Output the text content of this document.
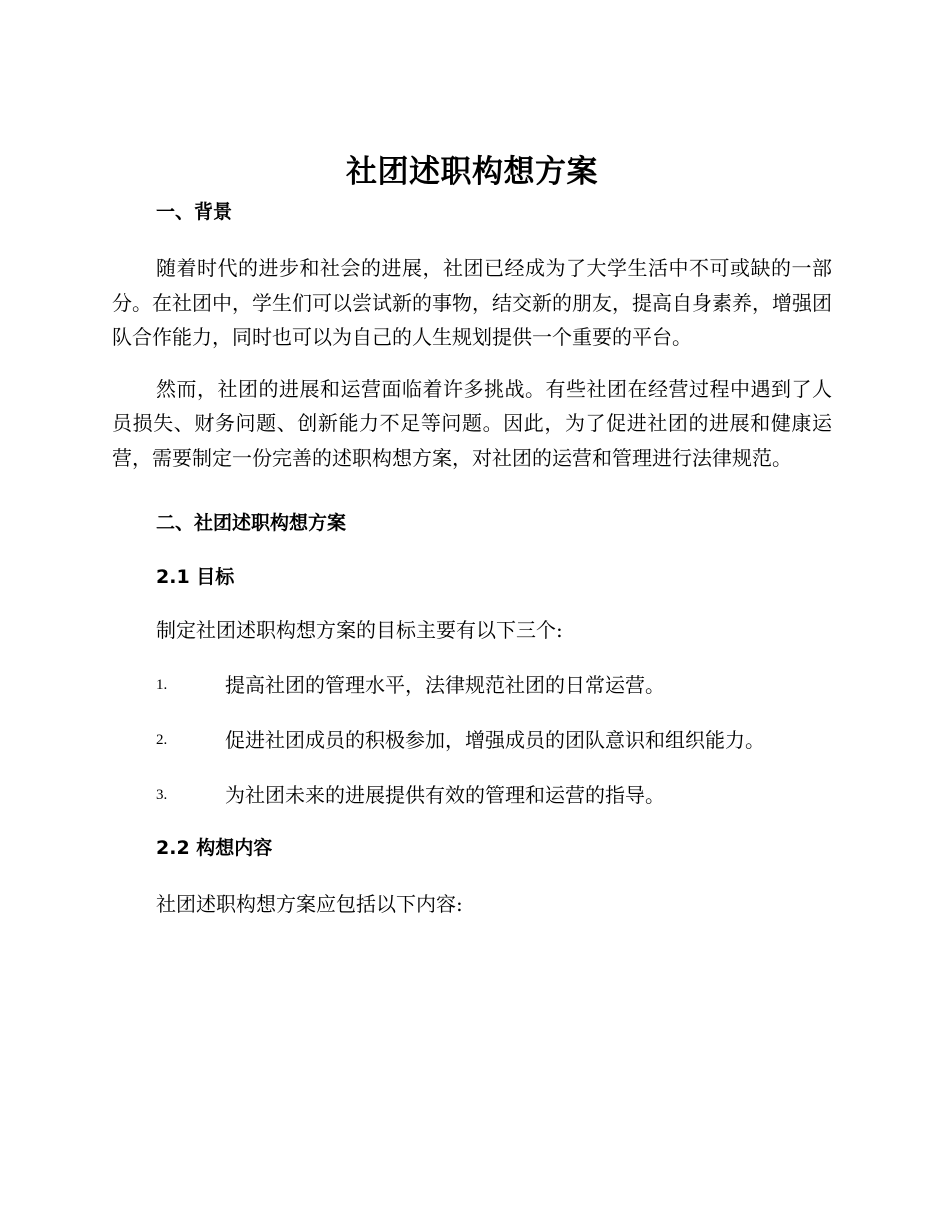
社团述职构想方案
一、背景

随着时代的进步和社会的进展，社团已经成为了大学生活中不可或缺的一部分。在社团中，学生们可以尝试新的事物，结交新的朋友，提高自身素养，增强团队合作能力，同时也可以为自己的人生规划提供一个重要的平台。

然而，社团的进展和运营面临着许多挑战。有些社团在经营过程中遇到了人员损失、财务问题、创新能力不足等问题。因此，为了促进社团的进展和健康运营，需要制定一份完善的述职构想方案，对社团的运营和管理进行法律规范。

二、社团述职构想方案
2.1 目标

制定社团述职构想方案的目标主要有以下三个:

1.	提高社团的管理水平，法律规范社团的日常运营。
2.	促进社团成员的积极参加，增强成员的团队意识和组织能力。
3.	为社团未来的进展提供有效的管理和运营的指导。
2.2 构想内容

社团述职构想方案应包括以下内容:
